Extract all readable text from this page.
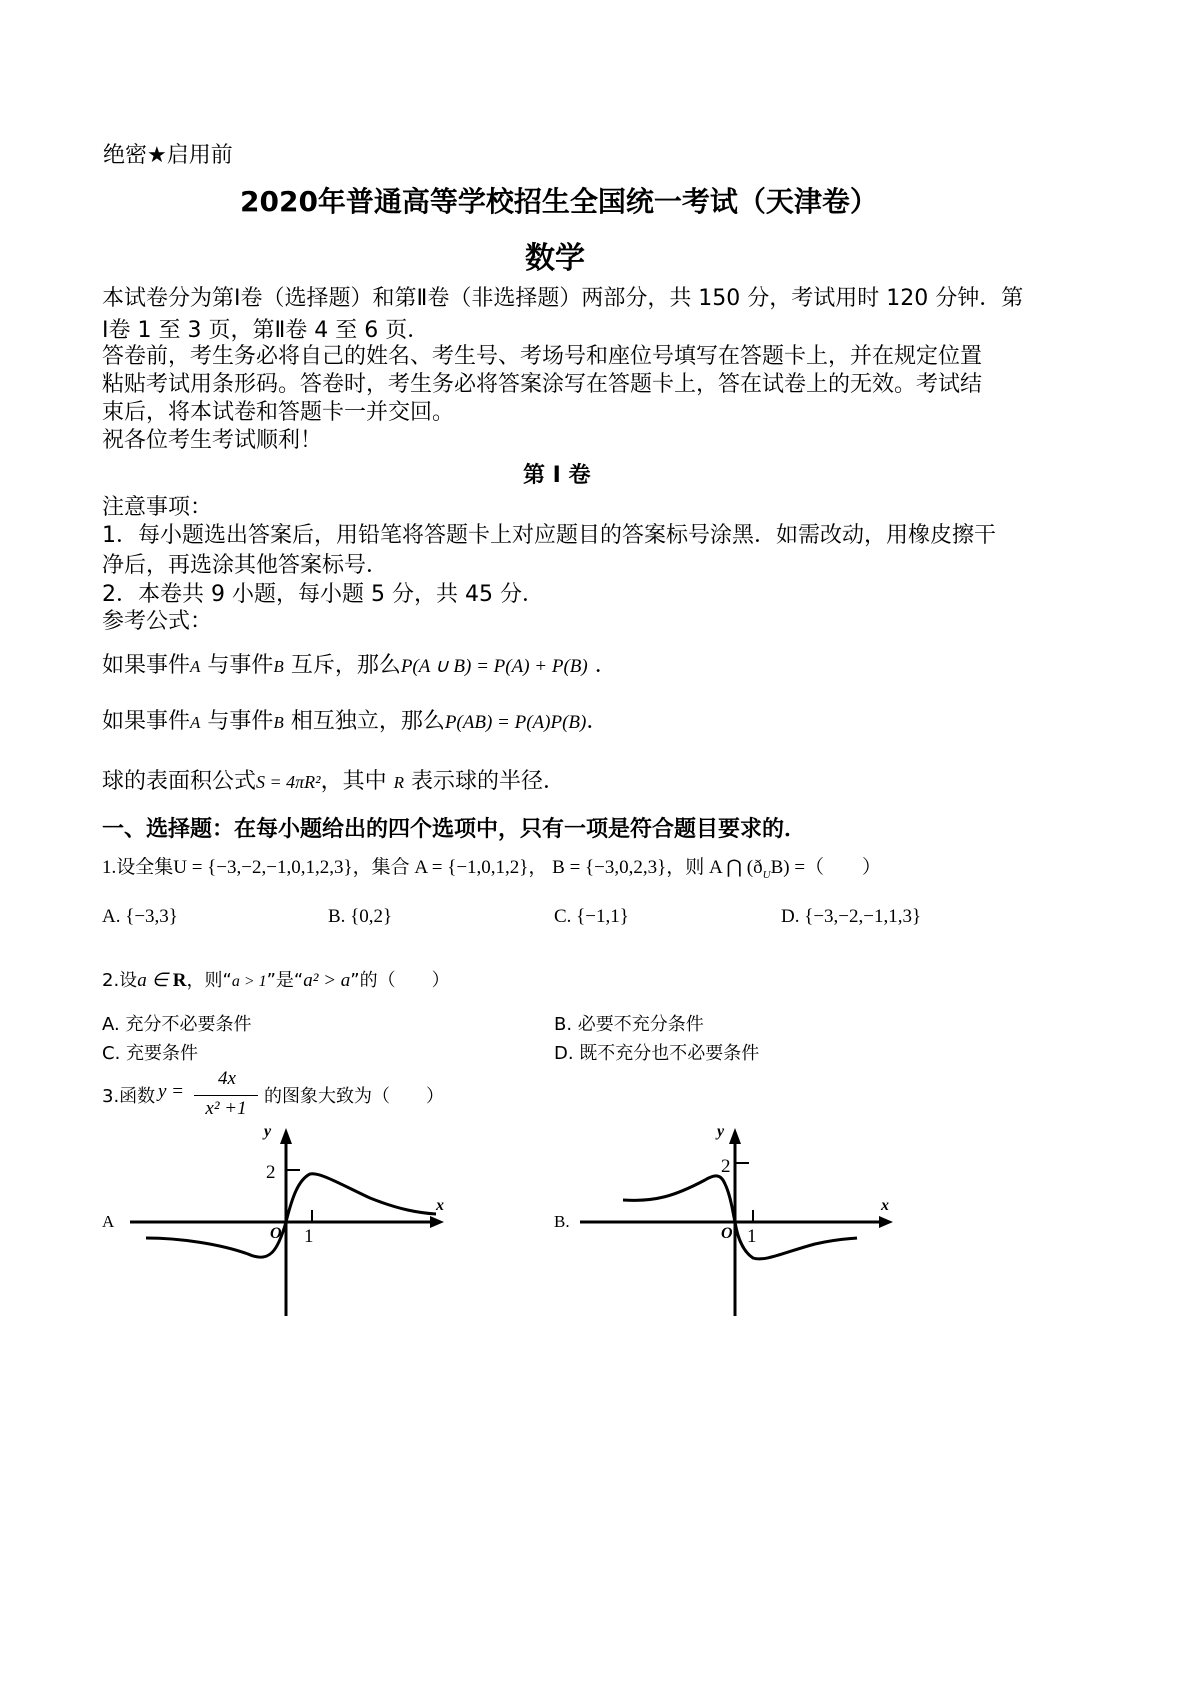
绝密★启用前
2020年普通高等学校招生全国统一考试（天津卷）
数学
本试卷分为第Ⅰ卷（选择题）和第Ⅱ卷（非选择题）两部分，共 150 分，考试用时 120 分钟．第
Ⅰ卷 1 至 3 页，第Ⅱ卷 4 至 6 页．
答卷前，考生务必将自己的姓名、考生号、考场号和座位号填写在答题卡上，并在规定位置
粘贴考试用条形码。答卷时，考生务必将答案涂写在答题卡上，答在试卷上的无效。考试结
束后，将本试卷和答题卡一并交回。
祝各位考生考试顺利！
第 I 卷
注意事项：
1．每小题选出答案后，用铅笔将答题卡上对应题目的答案标号涂黑．如需改动，用橡皮擦干
净后，再选涂其他答案标号．
2．本卷共 9 小题，每小题 5 分，共 45 分．
参考公式：
如果事件A 与事件B 互斥，那么P(A ∪ B) = P(A) + P(B) ．
如果事件A 与事件B 相互独立，那么P(AB) = P(A)P(B)．
球的表面积公式S = 4πR²，其中 R 表示球的半径．
一、选择题：在每小题给出的四个选项中，只有一项是符合题目要求的．
1.设全集U = {−3,−2,−1,0,1,2,3}，集合 A = {−1,0,1,2}， B = {−3,0,2,3}，则 A ⋂ $(ð_UB)$ =（　　）
A. {−3,3}	B. {0,2}	C. {−1,1}	D. {−3,−2,−1,1,3}
2.设a ∈ R，则“a > 1”是“a² > a”的（　　）
A. 充分不必要条件	B. 必要不充分条件
C. 充要条件	D. 既不充分也不必要条件
3.函数 y =
4x
x² +1
的图象大致为（　　）
A
y
x
2
O 1
B.
y
x
2
O 1
